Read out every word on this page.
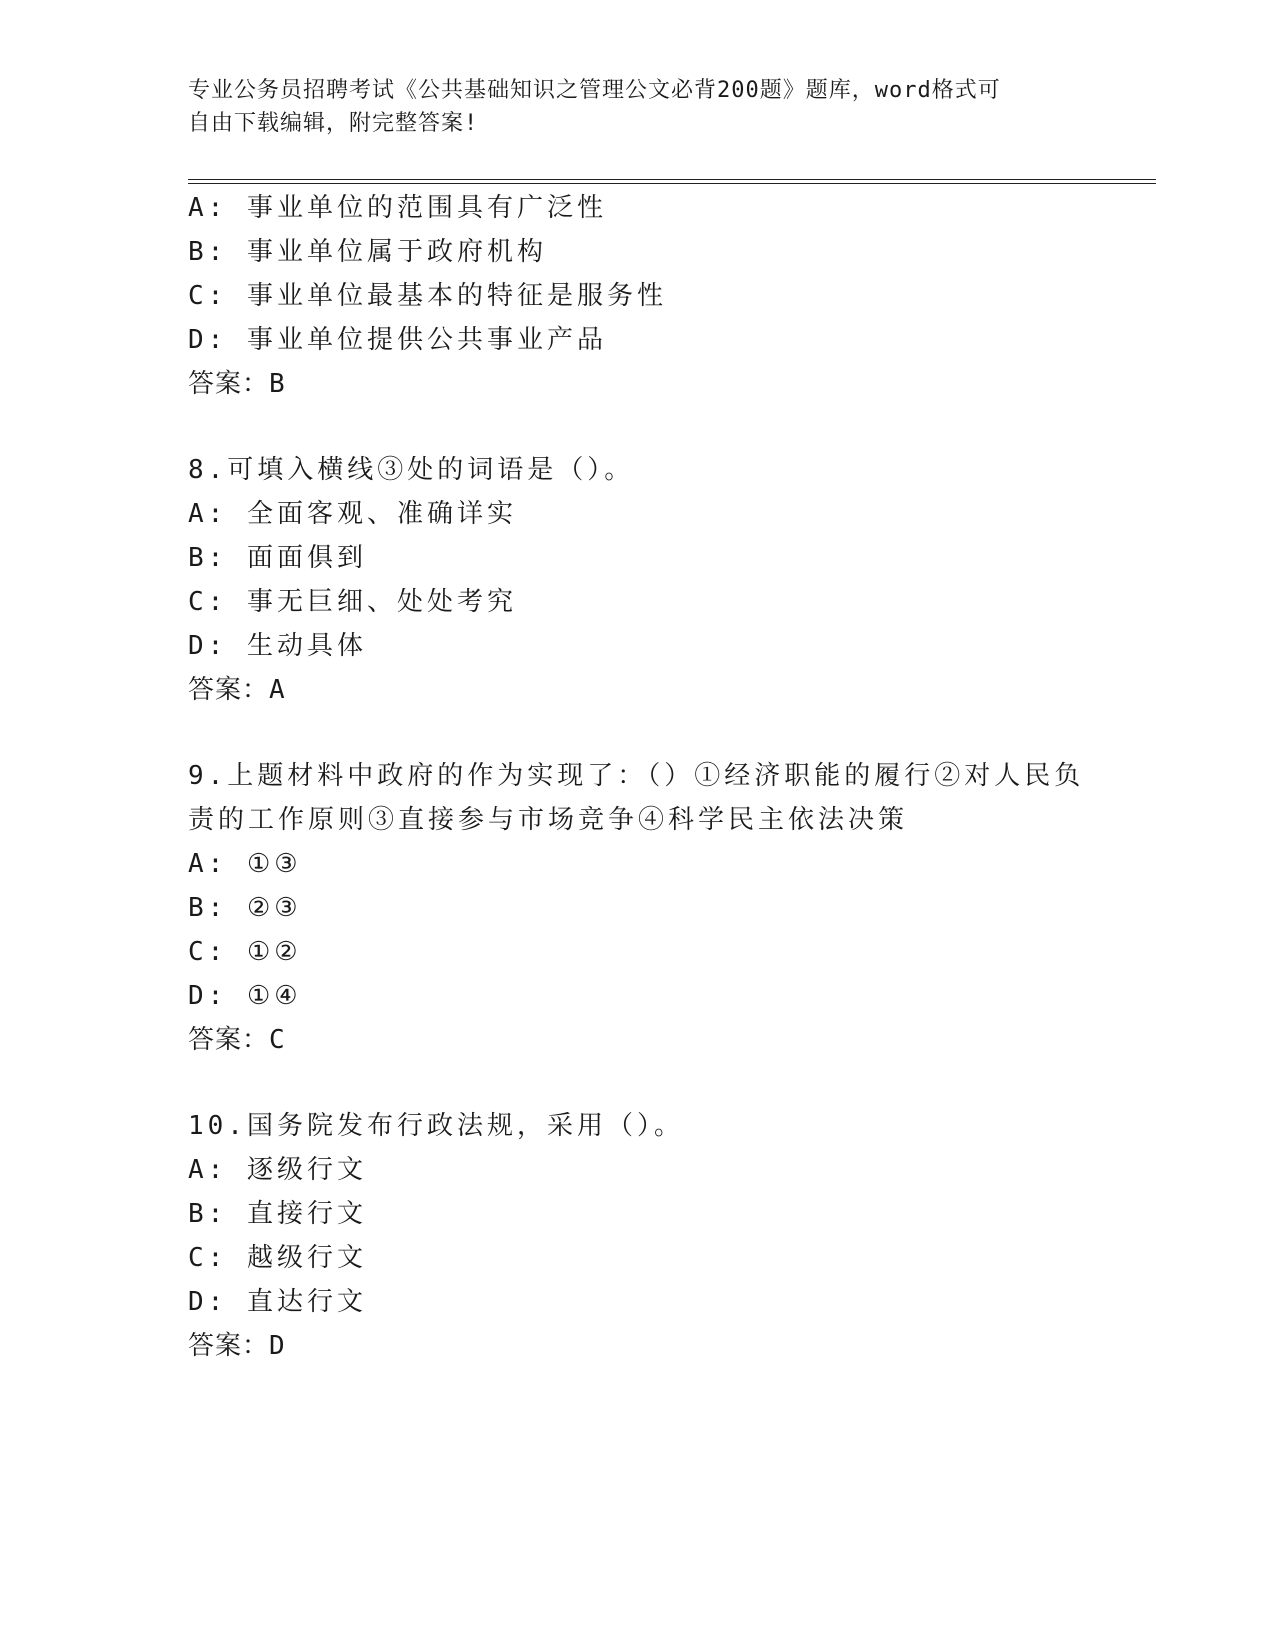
专业公务员招聘考试《公共基础知识之管理公文必背200题》题库，word格式可
自由下载编辑，附完整答案!
A: 事业单位的范围具有广泛性
B: 事业单位属于政府机构
C: 事业单位最基本的特征是服务性
D: 事业单位提供公共事业产品
答案：B
8.可填入横线③处的词语是（）。
A: 全面客观、准确详实
B: 面面俱到
C: 事无巨细、处处考究
D: 生动具体
答案：A
9.上题材料中政府的作为实现了：（）①经济职能的履行②对人民负
责的工作原则③直接参与市场竞争④科学民主依法决策
A: ①③
B: ②③
C: ①②
D: ①④
答案：C
10.国务院发布行政法规，采用（）。
A: 逐级行文
B: 直接行文
C: 越级行文
D: 直达行文
答案：D
